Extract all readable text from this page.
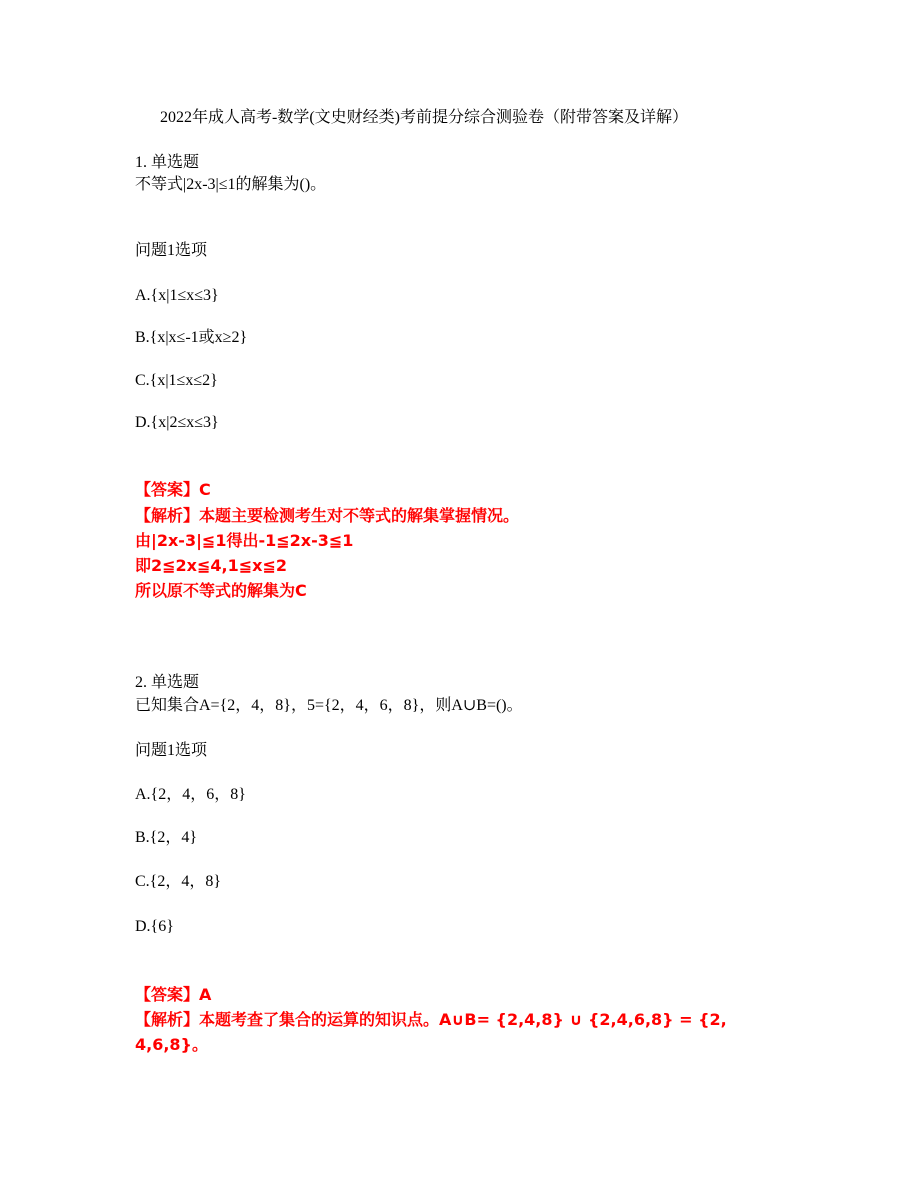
2022年成人高考-数学(文史财经类)考前提分综合测验卷（附带答案及详解）
1. 单选题
不等式|2x-3|≤1的解集为()。
问题1选项
A.{x|1≤x≤3}
B.{x|x≤-1或x≥2}
C.{x|1≤x≤2}
D.{x|2≤x≤3}
【答案】C
【解析】本题主要检测考生对不等式的解集掌握情况。
由|2x-3|≦1得出-1≦2x-3≦1
即2≦2x≦4,1≦x≦2
所以原不等式的解集为C
2. 单选题
已知集合A={2，4，8}，5={2，4，6，8}，则A∪B=()。
问题1选项
A.{2，4，6，8}
B.{2，4}
C.{2，4，8}
D.{6}
【答案】A
【解析】本题考查了集合的运算的知识点。A∪B= {2,4,8} ∪ {2,4,6,8} = {2,
4,6,8}。
